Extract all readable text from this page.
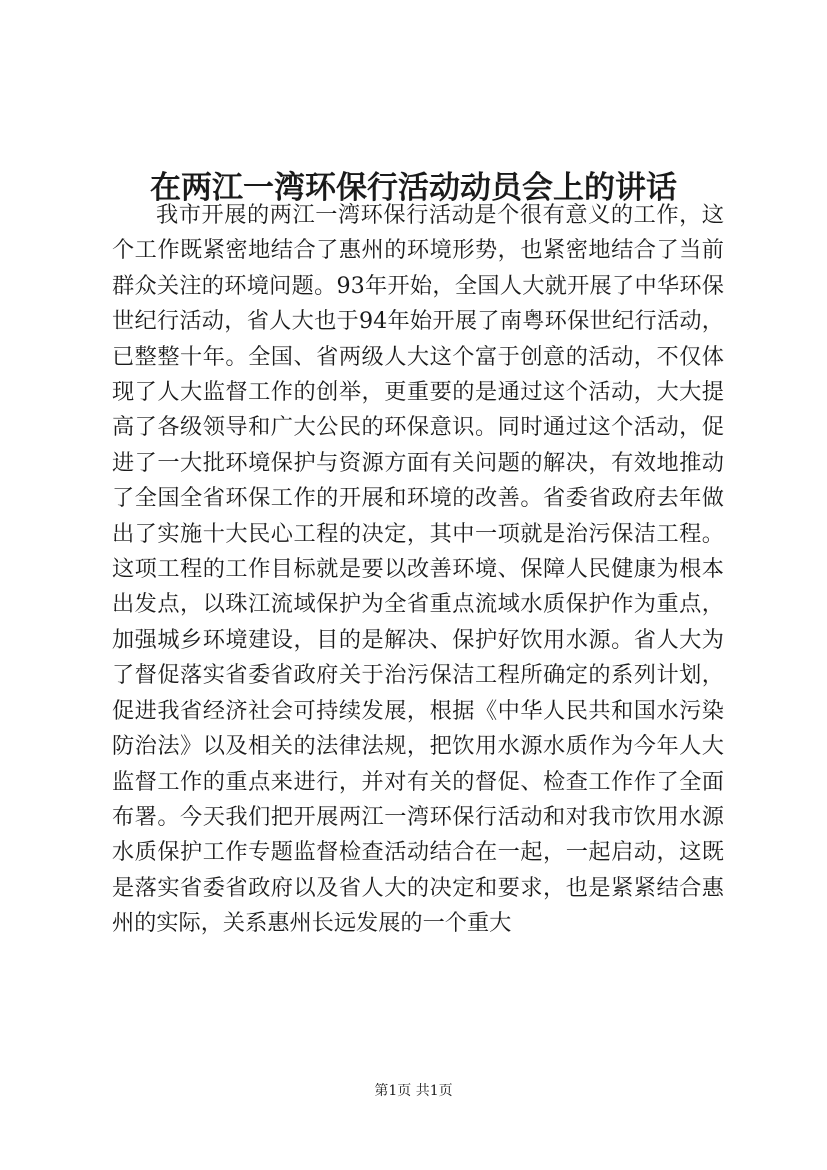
在两江一湾环保行活动动员会上的讲话

我市开展的两江一湾环保行活动是个很有意义的工作，这个工作既紧密地结合了惠州的环境形势，也紧密地结合了当前群众关注的环境问题。93年开始，全国人大就开展了中华环保世纪行活动，省人大也于94年始开展了南粤环保世纪行活动，已整整十年。全国、省两级人大这个富于创意的活动，不仅体现了人大监督工作的创举，更重要的是通过这个活动，大大提高了各级领导和广大公民的环保意识。同时通过这个活动，促进了一大批环境保护与资源方面有关问题的解决，有效地推动了全国全省环保工作的开展和环境的改善。省委省政府去年做出了实施十大民心工程的决定，其中一项就是治污保洁工程。这项工程的工作目标就是要以改善环境、保障人民健康为根本出发点，以珠江流域保护为全省重点流域水质保护作为重点，加强城乡环境建设，目的是解决、保护好饮用水源。省人大为了督促落实省委省政府关于治污保洁工程所确定的系列计划，促进我省经济社会可持续发展，根据《中华人民共和国水污染防治法》以及相关的法律法规，把饮用水源水质作为今年人大监督工作的重点来进行，并对有关的督促、检查工作作了全面布署。今天我们把开展两江一湾环保行活动和对我市饮用水源水质保护工作专题监督检查活动结合在一起，一起启动，这既是落实省委省政府以及省人大的决定和要求，也是紧紧结合惠州的实际，关系惠州长远发展的一个重大

第1页 共1页
